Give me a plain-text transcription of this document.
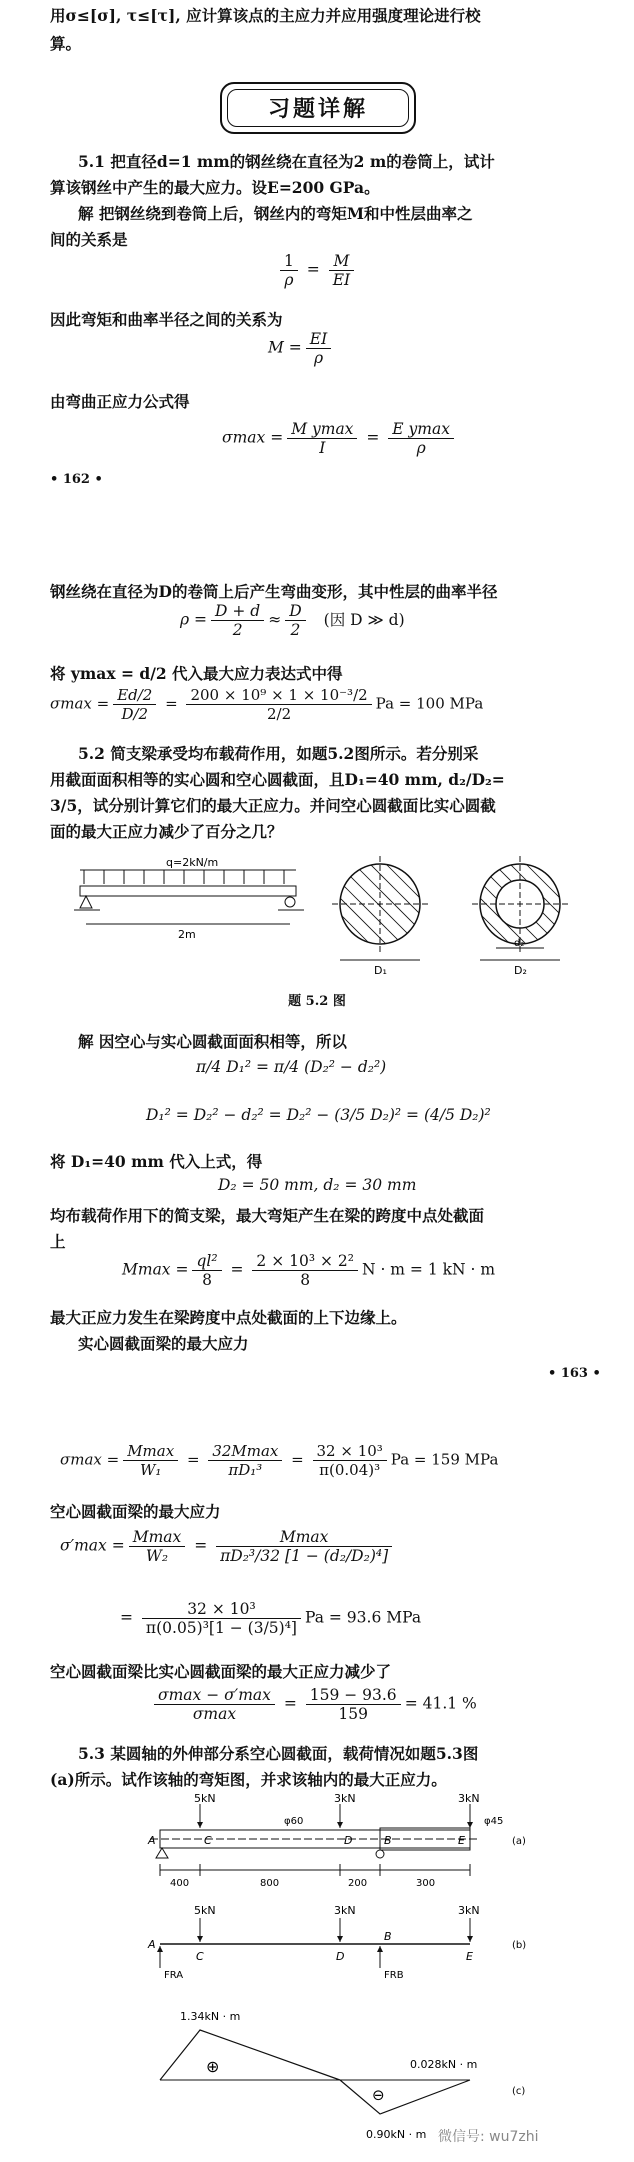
用σ≤[σ], τ≤[τ], 应计算该点的主应力并应用强度理论进行校
算。
习题详解
5.1 把直径d=1 mm的钢丝绕在直径为2 m的卷筒上，试计
算该钢丝中产生的最大应力。设E=200 GPa。
解 把钢丝绕到卷筒上后，钢丝内的弯矩M和中性层曲率之
间的关系是
$\frac{1}{\rho} = \frac{M}{EI}$
因此弯矩和曲率半径之间的关系为
$M = \frac{EI}{\rho}$
由弯曲正应力公式得
$\sigma\max = \frac{\text{M ymax}}{I} = \frac{\text{E ymax}}{\rho}$
• 162 •
钢丝绕在直径为D的卷筒上后产生弯曲变形，其中性层的曲率半径
$\rho = \frac{D + d}{2} \approx \frac{D}{2}$ (因 D ≫ d)
将 ymax = d/2 代入最大应力表达式中得
$\sigma\max = \frac{Ed/2}{D/2} = \frac{\text{200 × 10⁹ × 1 × 10⁻³/2}}{2/2}$ Pa = 100 MPa
5.2 简支梁承受均布载荷作用，如题5.2图所示。若分别采
用截面面积相等的实心圆和空心圆截面，且D₁=40 mm, d₂/D₂=
3/5，试分别计算它们的最大正应力。并问空心圆截面比实心圆截
面的最大正应力减少了百分之几？
q=2kN/m
2m
D₁
d₂
D₂
题 5.2 图
解 因空心与实心圆截面面积相等，所以
π/4 D₁² = π/4 (D₂² − d₂²)
D₁² = D₂² − d₂² = D₂² − (3/5 D₂)² = (4/5 D₂)²
将 D₁=40 mm 代入上式，得
D₂ = 50 mm, d₂ = 30 mm
均布载荷作用下的简支梁，最大弯矩产生在梁的跨度中点处截面
上
$Mmax = \frac{\text{ql²}}{8} = \frac{\text{2 × 10³ × 2²}}{8}$ N · m = 1 kN · m
最大正应力发生在梁跨度中点处截面的上下边缘上。
实心圆截面梁的最大应力
• 163 •
$\sigma\max = \frac{Mmax}{\text{W₁}} = \frac{32Mmax}{\text{πD₁³}} = \frac{\text{32 × 10³}}{\text{π(0.04)³}}$ Pa = 159 MPa
空心圆截面梁的最大应力
$\sigma'\max = \frac{Mmax}{\text{W₂}} = \frac{Mmax}{\text{πD₂³/32 [1 − (d₂/D₂)⁴]}}$
= $\frac{\text{32 × 10³}}{\text{π(0.05)³[1 − (3/5)⁴]}}$ Pa = 93.6 MPa
空心圆截面梁比实心圆截面梁的最大正应力减少了
$\frac{\sigma\max - \sigma'\max}{\sigma\max} = \frac{159 - 93.6}{159} = 41.1$ %
5.3 某圆轴的外伸部分系空心圆截面，载荷情况如题5.3图
(a)所示。试作该轴的弯矩图，并求该轴内的最大正应力。
5kN	3kN	3kN
φ60	φ45
A	C	D	B	E
400	800	200	300
(a)
5kN	3kN	3kN
A
C	D
B
E
FRA	FRB
(b)
1.34kN · m
⊕
⊖
0.028kN · m
0.90kN · m
(c)
微信号: wu7zhi
